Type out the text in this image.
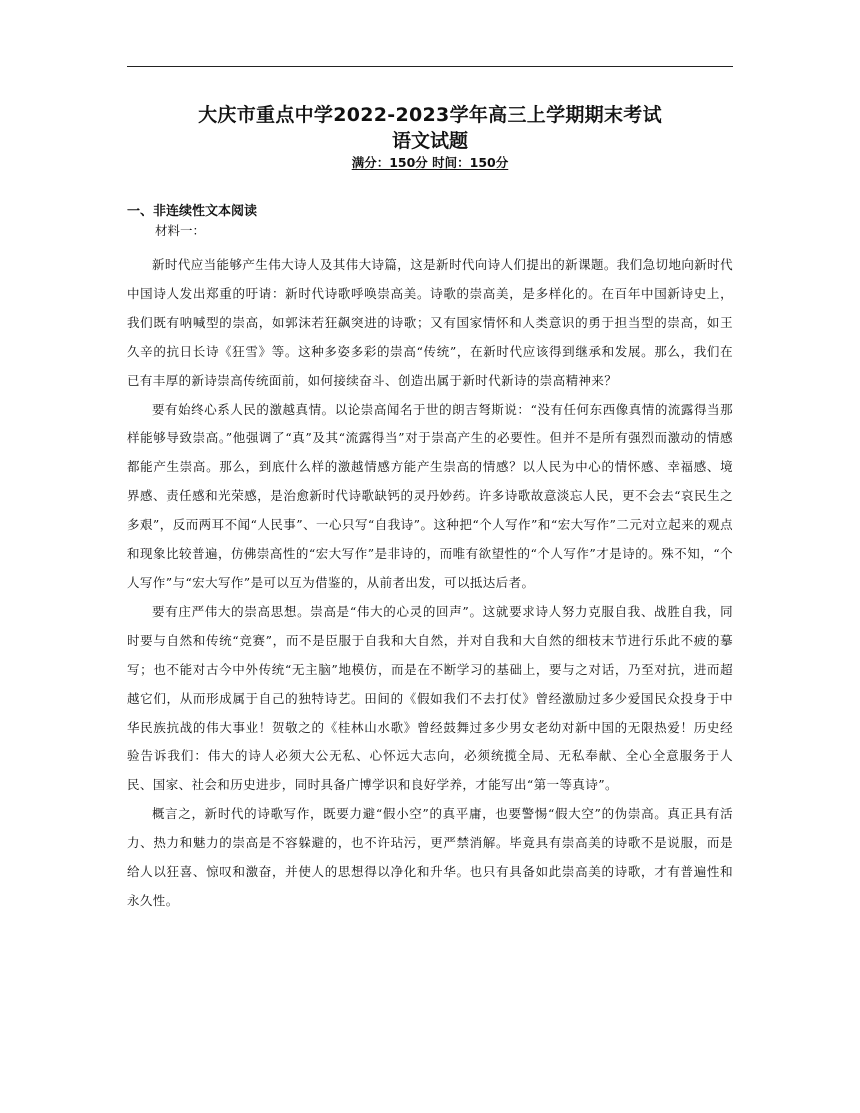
大庆市重点中学2022-2023学年高三上学期期末考试
语文试题
满分：150分 时间：150分

一、非连续性文本阅读

材料一：

新时代应当能够产生伟大诗人及其伟大诗篇，这是新时代向诗人们提出的新课题。我们急切地向新时代中国诗人发出郑重的吁请：新时代诗歌呼唤崇高美。诗歌的崇高美，是多样化的。在百年中国新诗史上，我们既有呐喊型的崇高，如郭沫若狂飙突进的诗歌；又有国家情怀和人类意识的勇于担当型的崇高，如王久辛的抗日长诗《狂雪》等。这种多姿多彩的崇高“传统”，在新时代应该得到继承和发展。那么，我们在已有丰厚的新诗崇高传统面前，如何接续奋斗、创造出属于新时代新诗的崇高精神来？

要有始终心系人民的激越真情。以论崇高闻名于世的朗吉弩斯说：“没有任何东西像真情的流露得当那样能够导致崇高。”他强调了“真”及其“流露得当”对于崇高产生的必要性。但并不是所有强烈而激动的情感都能产生崇高。那么，到底什么样的激越情感方能产生崇高的情感？以人民为中心的情怀感、幸福感、境界感、责任感和光荣感，是治愈新时代诗歌缺钙的灵丹妙药。许多诗歌故意淡忘人民，更不会去“哀民生之多艰”，反而两耳不闻“人民事”、一心只写“自我诗”。这种把“个人写作”和“宏大写作”二元对立起来的观点和现象比较普遍，仿佛崇高性的“宏大写作”是非诗的，而唯有欲望性的“个人写作”才是诗的。殊不知，“个人写作”与“宏大写作”是可以互为借鉴的，从前者出发，可以抵达后者。

要有庄严伟大的崇高思想。崇高是“伟大的心灵的回声”。这就要求诗人努力克服自我、战胜自我，同时要与自然和传统“竞赛”，而不是臣服于自我和大自然，并对自我和大自然的细枝末节进行乐此不疲的摹写；也不能对古今中外传统“无主脑”地模仿，而是在不断学习的基础上，要与之对话，乃至对抗，进而超越它们，从而形成属于自己的独特诗艺。田间的《假如我们不去打仗》曾经激励过多少爱国民众投身于中华民族抗战的伟大事业！贺敬之的《桂林山水歌》曾经鼓舞过多少男女老幼对新中国的无限热爱！历史经验告诉我们：伟大的诗人必须大公无私、心怀远大志向，必须统揽全局、无私奉献、全心全意服务于人民、国家、社会和历史进步，同时具备广博学识和良好学养，才能写出“第一等真诗”。

概言之，新时代的诗歌写作，既要力避“假小空”的真平庸，也要警惕“假大空”的伪崇高。真正具有活力、热力和魅力的崇高是不容躲避的，也不许玷污，更严禁消解。毕竟具有崇高美的诗歌不是说服，而是给人以狂喜、惊叹和激奋，并使人的思想得以净化和升华。也只有具备如此崇高美的诗歌，才有普遍性和永久性。
